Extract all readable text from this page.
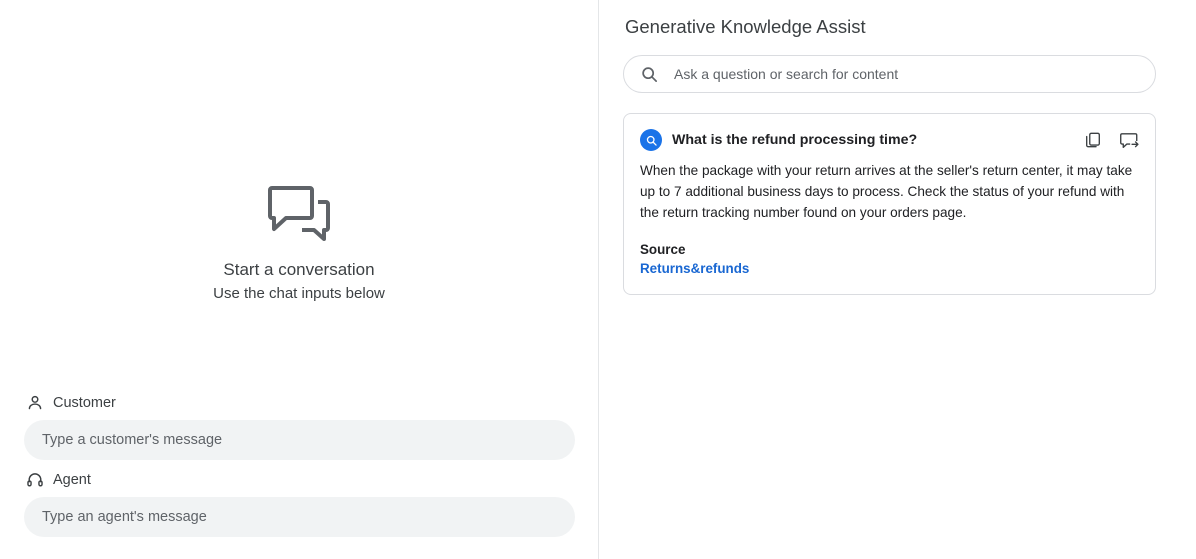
Start a conversation
Use the chat inputs below
Customer
Type a customer's message
Agent
Type an agent's message
Generative Knowledge Assist
Ask a question or search for content
What is the refund processing time?

When the package with your return arrives at the seller's return center, it may take up to 7 additional business days to process. Check the status of your refund with the return tracking number found on your orders page.

Source
Returns&refunds
